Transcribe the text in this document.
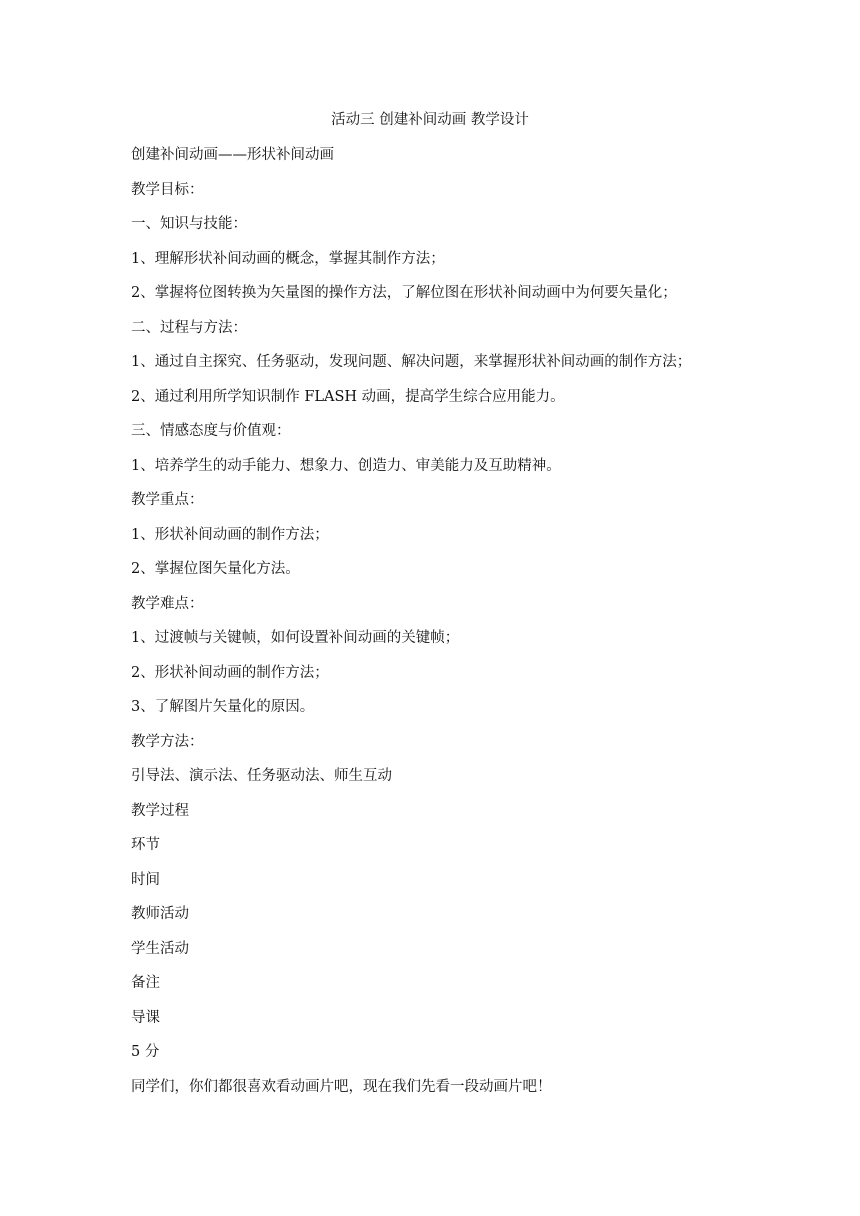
活动三 创建补间动画 教学设计
创建补间动画——形状补间动画
教学目标：
一、知识与技能：
1、理解形状补间动画的概念，掌握其制作方法；
2、掌握将位图转换为矢量图的操作方法，了解位图在形状补间动画中为何要矢量化；
二、过程与方法：
1、通过自主探究、任务驱动，发现问题、解决问题，来掌握形状补间动画的制作方法；
2、通过利用所学知识制作 FLASH 动画，提高学生综合应用能力。
三、情感态度与价值观：
1、培养学生的动手能力、想象力、创造力、审美能力及互助精神。
教学重点：
1、形状补间动画的制作方法；
2、掌握位图矢量化方法。
教学难点：
1、过渡帧与关键帧，如何设置补间动画的关键帧；
2、形状补间动画的制作方法；
3、了解图片矢量化的原因。
教学方法：
引导法、演示法、任务驱动法、师生互动
教学过程
环节
时间
教师活动
学生活动
备注
导课
5 分
同学们，你们都很喜欢看动画片吧，现在我们先看一段动画片吧！
